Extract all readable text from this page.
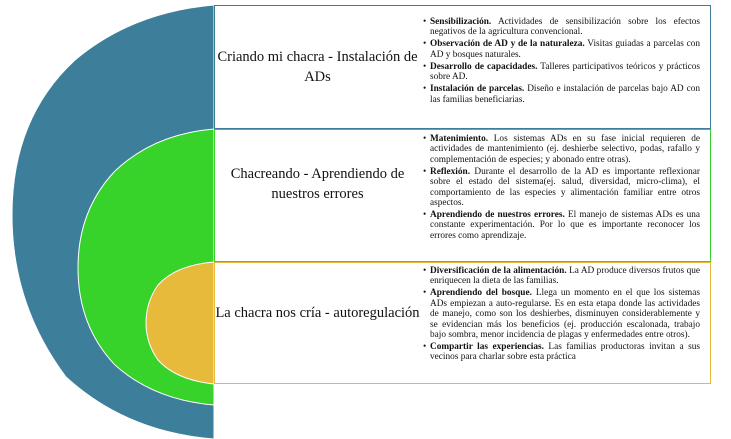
Criando mi chacra - Instalación de ADs
• Sensibilización. Actividades de sensibilización sobre los efectos negativos de la agricultura convencional.
• Observación de AD y de la naturaleza. Visitas guiadas a parcelas con AD y bosques naturales.
• Desarrollo de capacidades. Talleres participativos teóricos y prácticos sobre AD.
• Instalación de parcelas. Diseño e instalación de parcelas bajo AD con las familias beneficiarias.
Chacreando - Aprendiendo de nuestros errores
• Matenimiento. Los sistemas ADs en su fase inicial requieren de actividades de mantenimiento (ej. deshierbe selectivo, podas, rafallo y complementación de especies; y abonado entre otras).
• Reflexión. Durante el desarrollo de la AD es importante reflexionar sobre el estado del sistema(ej. salud, diversidad, micro-clima), el comportamiento de las especies y alimentación familiar entre otros aspectos.
• Aprendiendo de nuestros errores. El manejo de sistemas ADs es una constante experimentación. Por lo que es importante reconocer los errores como aprendizaje.
La chacra nos cría - autoregulación
• Diversificación de la alimentación. La AD produce diversos frutos que enriquecen la dieta de las familias.
• Aprendiendo del bosque. Llega un momento en el que los sistemas ADs empiezan a auto-regularse. Es en esta etapa donde las actividades de manejo, como son los deshierbes, disminuyen considerablemente y se evidencian más los beneficios (ej. producción escalonada, trabajo bajo sombra, menor incidencia de plagas y enfermedades entre otros).
• Compartir las experiencias. Las familias productoras invitan a sus vecinos para charlar sobre esta práctica
